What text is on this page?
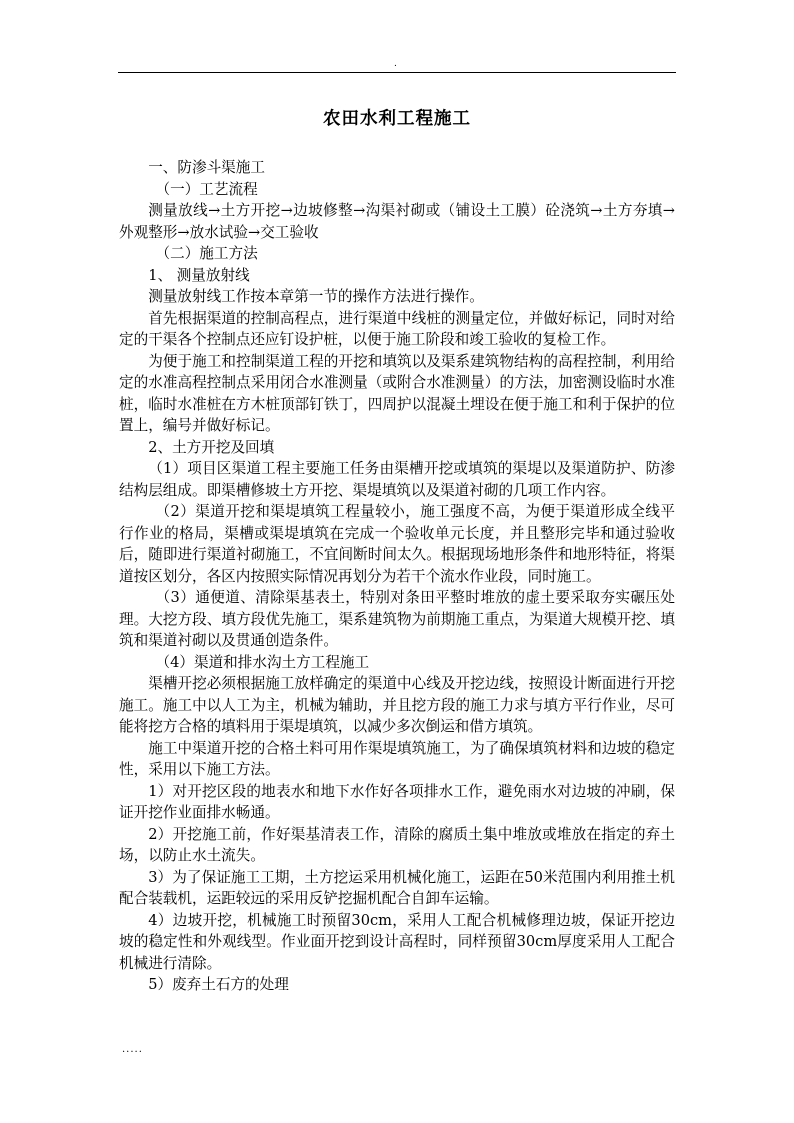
.
农田水利工程施工

一、防渗斗渠施工

（一）工艺流程

测量放线→土方开挖→边坡修整→沟渠衬砌或（铺设土工膜）砼浇筑→土方夯填→外观整形→放水试验→交工验收

（二）施工方法

1、 测量放射线

测量放射线工作按本章第一节的操作方法进行操作。

首先根据渠道的控制高程点，进行渠道中线桩的测量定位，并做好标记，同时对给定的干渠各个控制点还应钉设护桩，以便于施工阶段和竣工验收的复检工作。

为便于施工和控制渠道工程的开挖和填筑以及渠系建筑物结构的高程控制，利用给定的水准高程控制点采用闭合水准测量（或附合水准测量）的方法，加密测设临时水准桩，临时水准桩在方木桩顶部钉铁丁，四周护以混凝土埋设在便于施工和利于保护的位置上，编号并做好标记。

2、土方开挖及回填

（1）项目区渠道工程主要施工任务由渠槽开挖或填筑的渠堤以及渠道防护、防渗结构层组成。即渠槽修坡土方开挖、渠堤填筑以及渠道衬砌的几项工作内容。

（2）渠道开挖和渠堤填筑工程量较小，施工强度不高，为便于渠道形成全线平行作业的格局，渠槽或渠堤填筑在完成一个验收单元长度，并且整形完毕和通过验收后，随即进行渠道衬砌施工，不宜间断时间太久。根据现场地形条件和地形特征，将渠道按区划分，各区内按照实际情况再划分为若干个流水作业段，同时施工。

（3）通便道、清除渠基表土，特别对条田平整时堆放的虚土要采取夯实碾压处理。大挖方段、填方段优先施工，渠系建筑物为前期施工重点，为渠道大规模开挖、填筑和渠道衬砌以及贯通创造条件。

（4）渠道和排水沟土方工程施工

渠槽开挖必须根据施工放样确定的渠道中心线及开挖边线，按照设计断面进行开挖施工。施工中以人工为主，机械为辅助，并且挖方段的施工力求与填方平行作业，尽可能将挖方合格的填料用于渠堤填筑，以减少多次倒运和借方填筑。

施工中渠道开挖的合格土料可用作渠堤填筑施工，为了确保填筑材料和边坡的稳定性，采用以下施工方法。

1）对开挖区段的地表水和地下水作好各项排水工作，避免雨水对边坡的冲刷，保证开挖作业面排水畅通。

2）开挖施工前，作好渠基清表工作，清除的腐质土集中堆放或堆放在指定的弃土场，以防止水土流失。

3）为了保证施工工期，土方挖运采用机械化施工，运距在50米范围内利用推土机配合装载机，运距较远的采用反铲挖掘机配合自卸车运输。

4）边坡开挖，机械施工时预留30cm，采用人工配合机械修理边坡，保证开挖边坡的稳定性和外观线型。作业面开挖到设计高程时，同样预留30cm厚度采用人工配合机械进行清除。

5）废弃土石方的处理

.....
